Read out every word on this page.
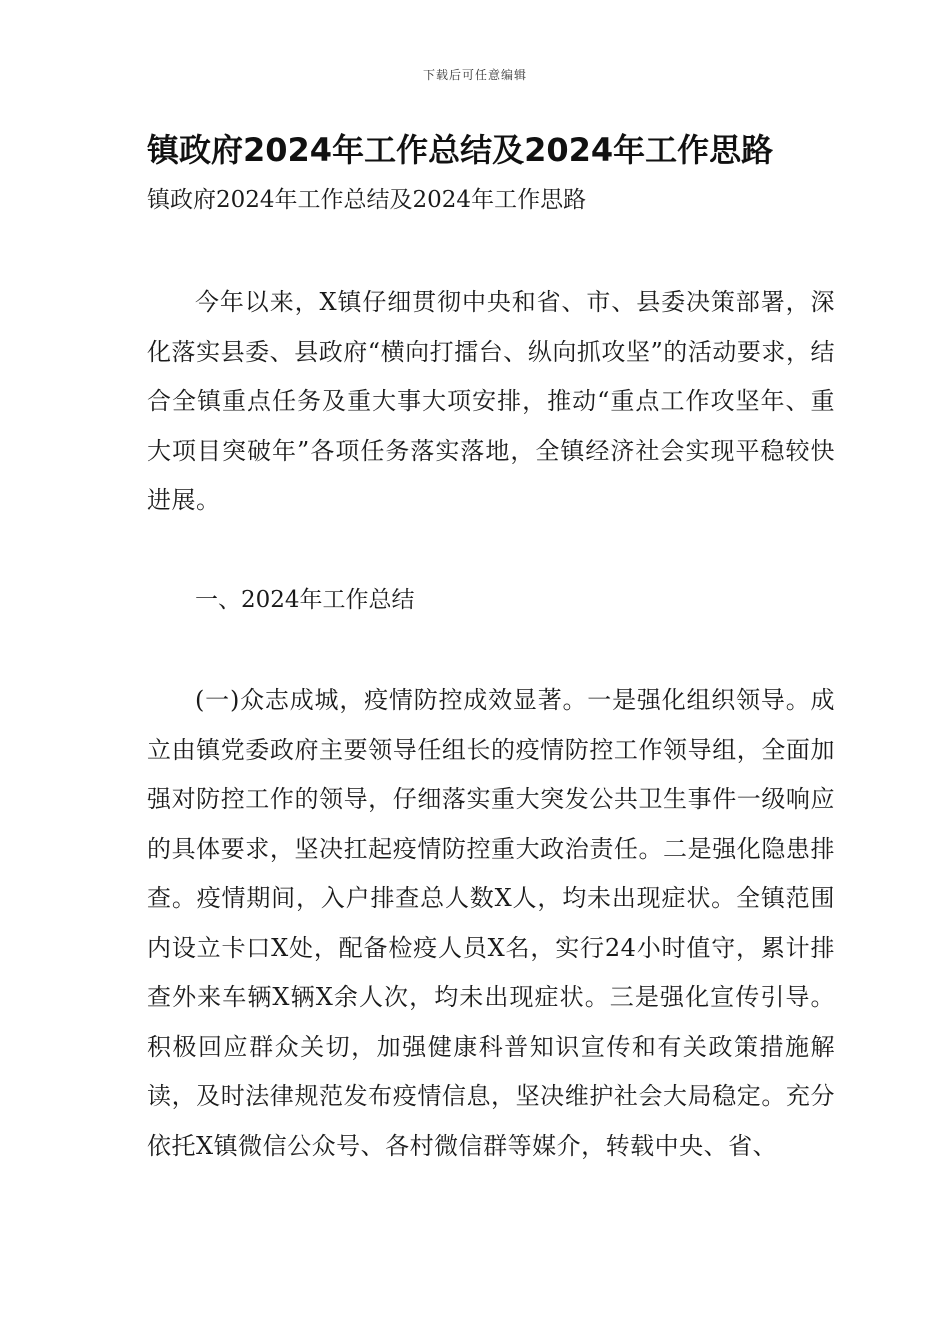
下载后可任意编辑
镇政府2024年工作总结及2024年工作思路
镇政府2024年工作总结及2024年工作思路
今年以来，X镇仔细贯彻中央和省、市、县委决策部署，深化落实县委、县政府“横向打擂台、纵向抓攻坚”的活动要求，结合全镇重点任务及重大事大项安排，推动“重点工作攻坚年、重大项目突破年”各项任务落实落地，全镇经济社会实现平稳较快进展。
一、2024年工作总结
(一)众志成城，疫情防控成效显著。一是强化组织领导。成立由镇党委政府主要领导任组长的疫情防控工作领导组，全面加强对防控工作的领导，仔细落实重大突发公共卫生事件一级响应的具体要求，坚决扛起疫情防控重大政治责任。二是强化隐患排查。疫情期间，入户排查总人数X人，均未出现症状。全镇范围内设立卡口X处，配备检疫人员X名，实行24小时值守，累计排查外来车辆X辆X余人次，均未出现症状。三是强化宣传引导。积极回应群众关切，加强健康科普知识宣传和有关政策措施解读，及时法律规范发布疫情信息，坚决维护社会大局稳定。充分依托X镇微信公众号、各村微信群等媒介，转载中央、省、
